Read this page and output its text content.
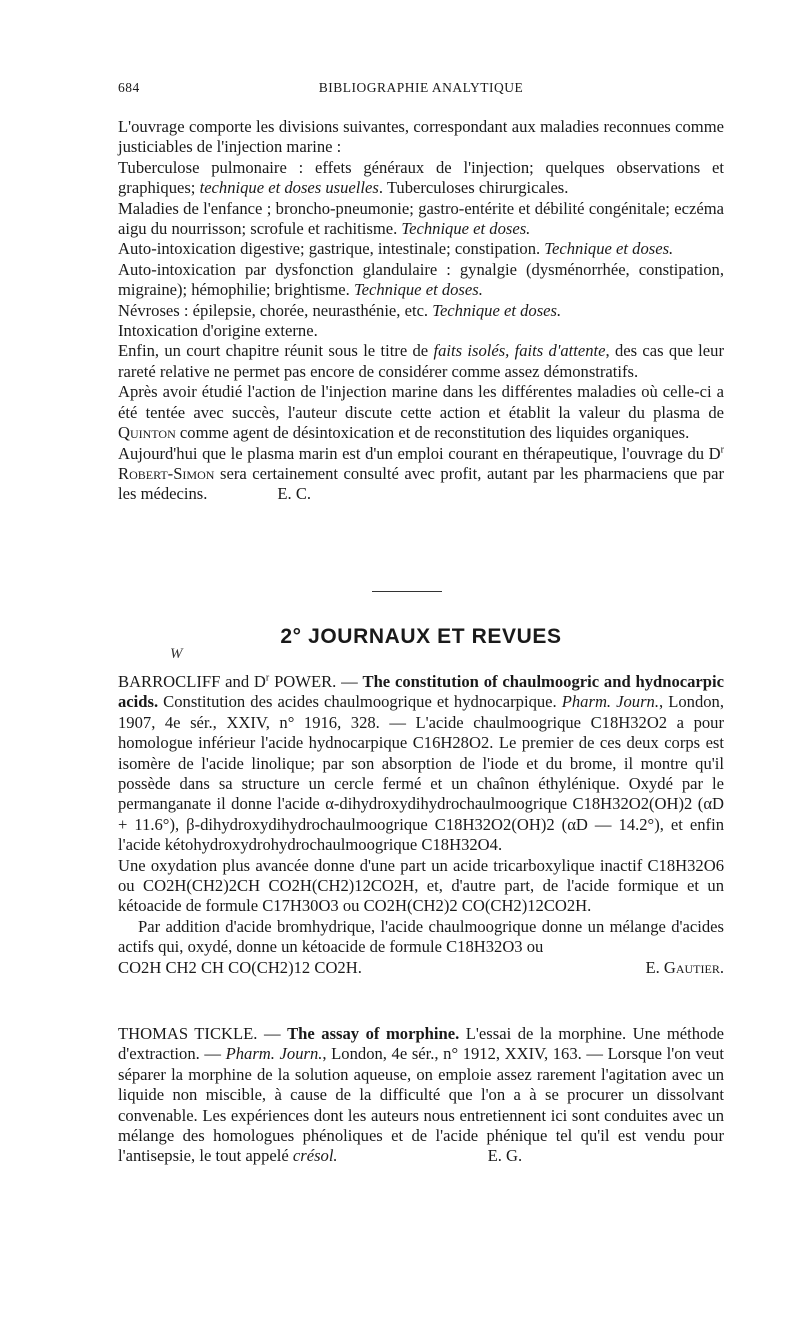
684	BIBLIOGRAPHIE ANALYTIQUE

L'ouvrage comporte les divisions suivantes, correspondant aux maladies reconnues comme justiciables de l'injection marine :

Tuberculose pulmonaire : effets généraux de l'injection; quelques observations et graphiques; technique et doses usuelles. Tuberculoses chirurgicales.

Maladies de l'enfance ; broncho-pneumonie; gastro-entérite et débilité congénitale; eczéma aigu du nourrisson; scrofule et rachitisme. Technique et doses.

Auto-intoxication digestive; gastrique, intestinale; constipation. Technique et doses.

Auto-intoxication par dysfonction glandulaire : gynalgie (dysménorrhée, constipation, migraine); hémophilie; brightisme. Technique et doses.

Névroses : épilepsie, chorée, neurasthénie, etc. Technique et doses.

Intoxication d'origine externe.

Enfin, un court chapitre réunit sous le titre de faits isolés, faits d'attente, des cas que leur rareté relative ne permet pas encore de considérer comme assez démonstratifs.

Après avoir étudié l'action de l'injection marine dans les différentes maladies où celle-ci a été tentée avec succès, l'auteur discute cette action et établit la valeur du plasma de Quinton comme agent de désintoxication et de reconstitution des liquides organiques.

Aujourd'hui que le plasma marin est d'un emploi courant en thérapeutique, l'ouvrage du $D^r$ Robert-Simon sera certainement consulté avec profit, autant par les pharmaciens que par les médecins.	E. C.

2° JOURNAUX ET REVUES
W

BARROCLIFF and $D^r$ POWER. — The constitution of chaulmoogric and hydnocarpic acids. Constitution des acides chaulmoogrique et hydnocarpique. Pharm. Journ., London, 1907, 4e sér., XXIV, n° 1916, 328. — L'acide chaulmoogrique C18H32O2 a pour homologue inférieur l'acide hydnocarpique C16H28O2. Le premier de ces deux corps est isomère de l'acide linolique; par son absorption de l'iode et du brome, il montre qu'il possède dans sa structure un cercle fermé et un chaînon éthylénique. Oxydé par le permanganate il donne l'acide α-dihydroxydihydrochaulmoogrique C18H32O2(OH)2 (αD + 11.6°), β-dihydroxydihydrochaulmoogrique C18H32O2(OH)2 (αD — 14.2°), et enfin l'acide kétohydroxydrohydrochaulmoogrique C18H32O4.

Une oxydation plus avancée donne d'une part un acide tricarboxylique inactif C18H32O6 ou CO2H(CH2)2CH CO2H(CH2)12CO2H, et, d'autre part, de l'acide formique et un kétoacide de formule C17H30O3 ou CO2H(CH2)2 CO(CH2)12CO2H.

Par addition d'acide bromhydrique, l'acide chaulmoogrique donne un mélange d'acides actifs qui, oxydé, donne un kétoacide de formule C18H32O3 ou

CO2H CH2 CH CO(CH2)12 CO2H.	E. Gautier.

THOMAS TICKLE. — The assay of morphine. L'essai de la morphine. Une méthode d'extraction. — Pharm. Journ., London, 4e sér., n° 1912, XXIV, 163. — Lorsque l'on veut séparer la morphine de la solution aqueuse, on emploie assez rarement l'agitation avec un liquide non miscible, à cause de la difficulté que l'on a à se procurer un dissolvant convenable. Les expériences dont les auteurs nous entretiennent ici sont conduites avec un mélange des homologues phénoliques et de l'acide phénique tel qu'il est vendu pour l'antisepsie, le tout appelé crésol.	E. G.
